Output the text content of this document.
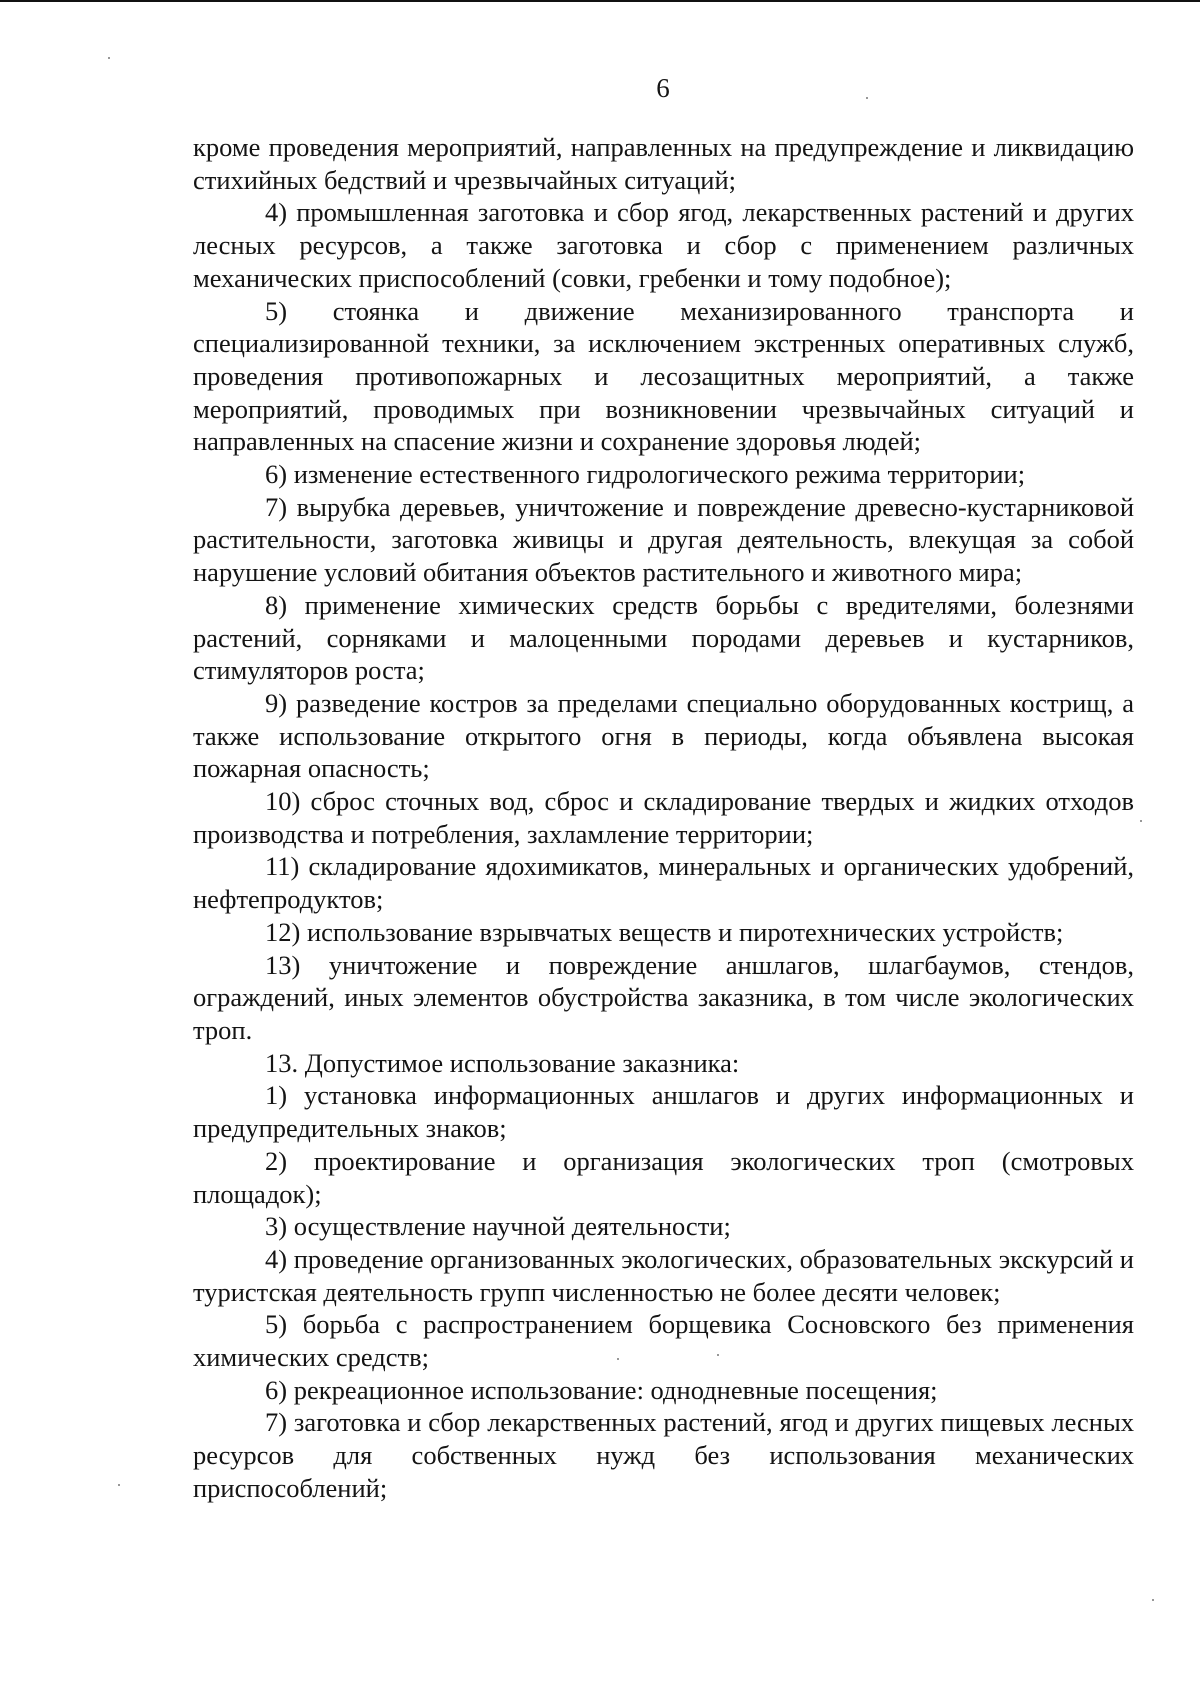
6

кроме проведения мероприятий, направленных на предупреждение и ликвидацию стихийных бедствий и чрезвычайных ситуаций;

4) промышленная заготовка и сбор ягод, лекарственных растений и других лесных ресурсов, а также заготовка и сбор с применением различных механических приспособлений (совки, гребенки и тому подобное);

5) стоянка и движение механизированного транспорта и специализированной техники, за исключением экстренных оперативных служб, проведения противопожарных и лесозащитных мероприятий, а также мероприятий, проводимых при возникновении чрезвычайных ситуаций и направленных на спасение жизни и сохранение здоровья людей;

6) изменение естественного гидрологического режима территории;

7) вырубка деревьев, уничтожение и повреждение древесно-кустарниковой растительности, заготовка живицы и другая деятельность, влекущая за собой нарушение условий обитания объектов растительного и животного мира;

8) применение химических средств борьбы с вредителями, болезнями растений, сорняками и малоценными породами деревьев и кустарников, стимуляторов роста;

9) разведение костров за пределами специально оборудованных кострищ, а также использование открытого огня в периоды, когда объявлена высокая пожарная опасность;

10) сброс сточных вод, сброс и складирование твердых и жидких отходов производства и потребления, захламление территории;

11) складирование ядохимикатов, минеральных и органических удобрений, нефтепродуктов;

12) использование взрывчатых веществ и пиротехнических устройств;

13) уничтожение и повреждение аншлагов, шлагбаумов, стендов, ограждений, иных элементов обустройства заказника, в том числе экологических троп.

13. Допустимое использование заказника:

1) установка информационных аншлагов и других информационных и предупредительных знаков;

2) проектирование и организация экологических троп (смотровых площадок);

3) осуществление научной деятельности;

4) проведение организованных экологических, образовательных экскурсий и туристская деятельность групп численностью не более десяти человек;

5) борьба с распространением борщевика Сосновского без применения химических средств;

6) рекреационное использование: однодневные посещения;

7) заготовка и сбор лекарственных растений, ягод и других пищевых лесных ресурсов для собственных нужд без использования механических приспособлений;
